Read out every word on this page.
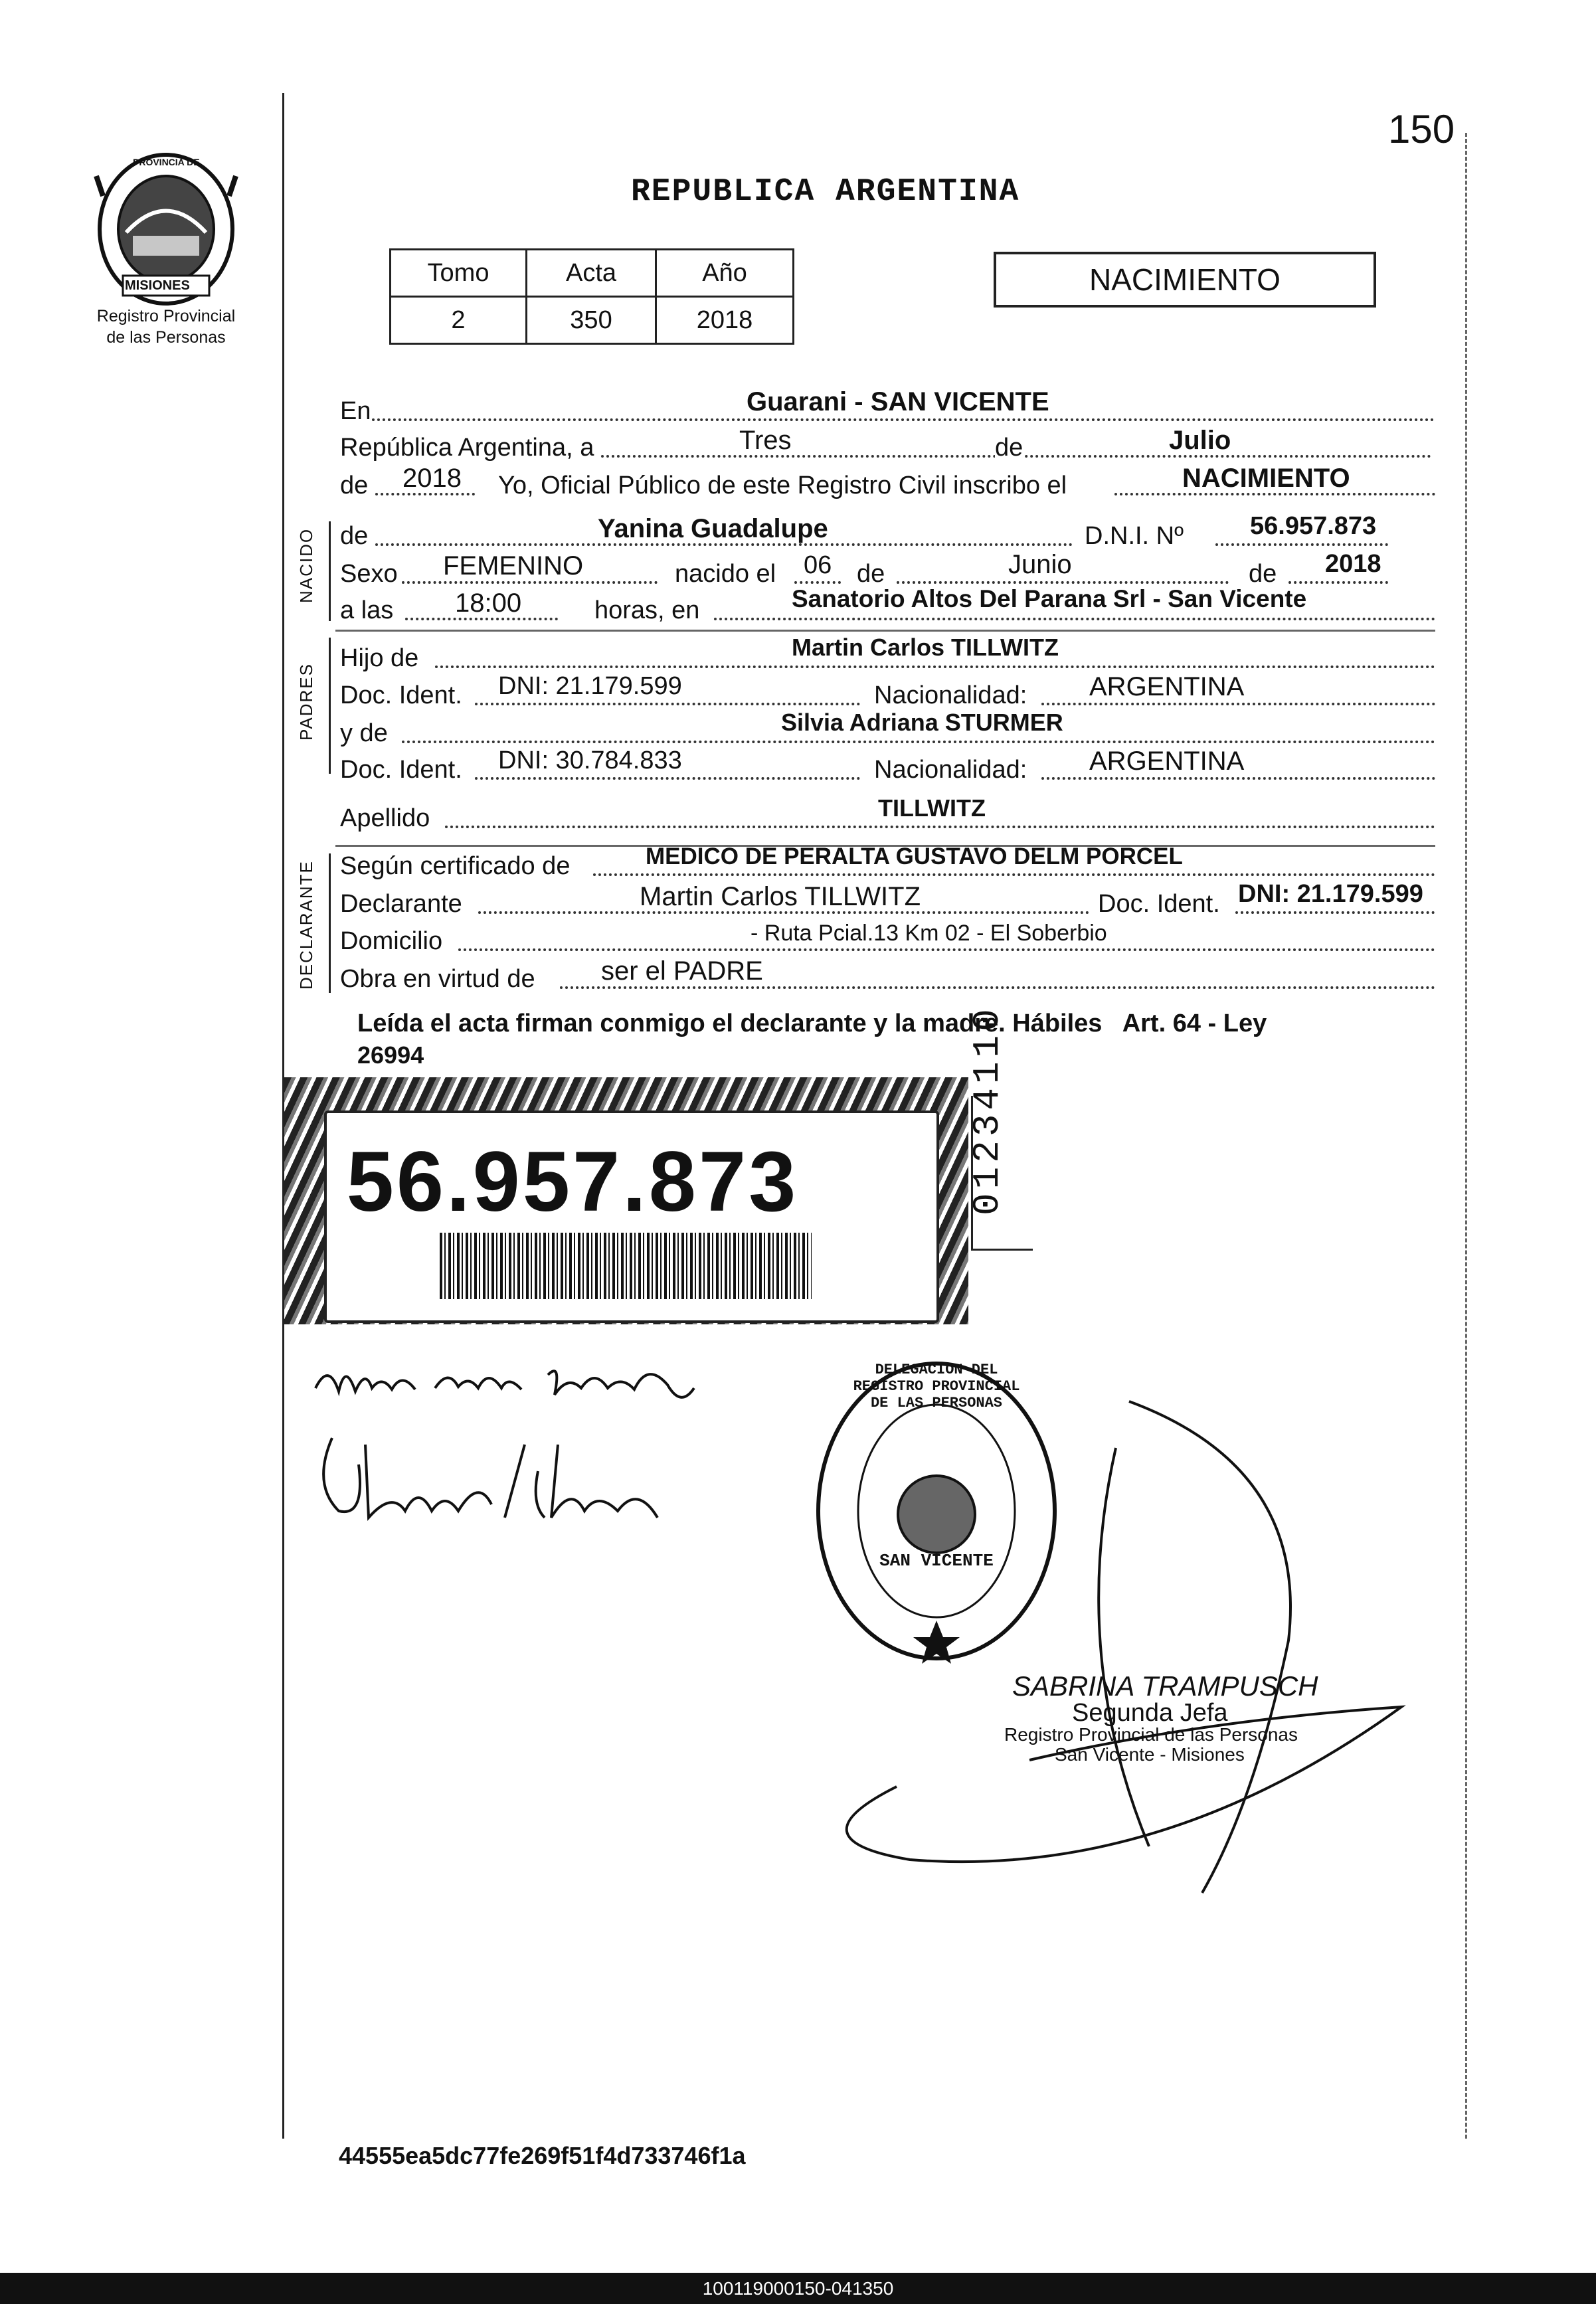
150
PROVINCIA DE
MISIONES
Registro Provincial
de las Personas
REPUBLICA ARGENTINA
Tomo	Acta	Año
2	350	2018
NACIMIENTO
En	Guarani - SAN VICENTE
República Argentina, a	Tres	de	Julio
de 2018 Yo, Oficial Público de este Registro Civil inscribo el	NACIMIENTO
NACIDO
PADRES
DECLARANTE
de	Yanina Guadalupe	D.N.I. Nº	56.957.873
Sexo FEMENINO	nacido el 06 de	Junio	de 2018
a las 18:00	horas, en	Sanatorio Altos Del Parana Srl - San Vicente
Hijo de	Martin Carlos TILLWITZ
Doc. Ident. DNI: 21.179.599	Nacionalidad: ARGENTINA
y de	Silvia Adriana STURMER
Doc. Ident. DNI: 30.784.833	Nacionalidad: ARGENTINA
Apellido	TILLWITZ
Según certificado de	MEDICO DE PERALTA GUSTAVO DELM PORCEL
Declarante	Martin Carlos TILLWITZ	Doc. Ident. DNI: 21.179.599
Domicilio	- Ruta Pcial.13 Km 02 - El Soberbio
Obra en virtud de ser el PADRE
Leída el acta firman conmigo el declarante y la madre. Hábiles   Art. 64 - Ley
26994
56.957.873	01234110
DELEGACION DEL REGISTRO PROVINCIAL DE LAS PERSONAS
SAN VICENTE
SABRINA TRAMPUSCH
Segunda Jefa
Registro Provincial de las Personas
San Vicente - Misiones
44555ea5dc77fe269f51f4d733746f1a
100119000150-041350
